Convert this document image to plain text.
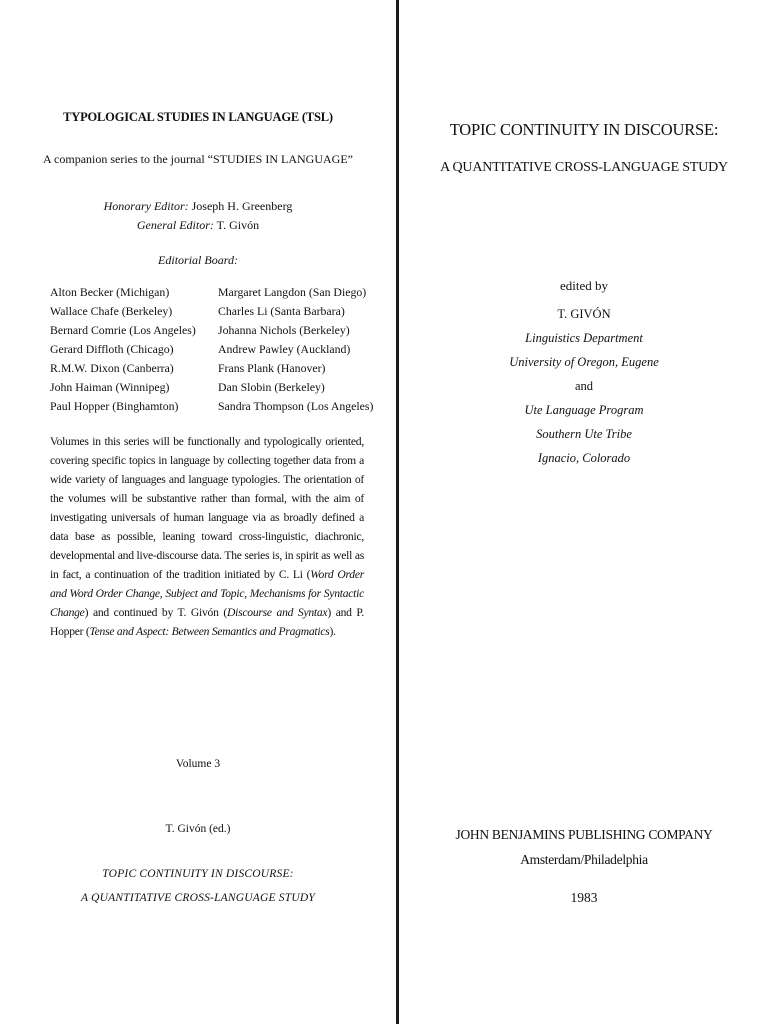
TYPOLOGICAL STUDIES IN LANGUAGE (TSL)
A companion series to the journal “STUDIES IN LANGUAGE”
Honorary Editor: Joseph H. Greenberg
General Editor: T. Givón
Editorial Board:
Alton Becker (Michigan)
Wallace Chafe (Berkeley)
Bernard Comrie (Los Angeles)
Gerard Diffloth (Chicago)
R.M.W. Dixon (Canberra)
John Haiman (Winnipeg)
Paul Hopper (Binghamton)
Margaret Langdon (San Diego)
Charles Li (Santa Barbara)
Johanna Nichols (Berkeley)
Andrew Pawley (Auckland)
Frans Plank (Hanover)
Dan Slobin (Berkeley)
Sandra Thompson (Los Angeles)
Volumes in this series will be functionally and typologically oriented, covering specific topics in language by collecting together data from a wide variety of languages and language typologies. The orientation of the volumes will be substantive rather than formal, with the aim of investigating universals of human language via as broadly defined a data base as possible, leaning toward cross-linguistic, diachronic, developmental and live-discourse data. The series is, in spirit as well as in fact, a continuation of the tradition initiated by C. Li (Word Order and Word Order Change, Subject and Topic, Mechanisms for Syntactic Change) and continued by T. Givón (Discourse and Syntax) and P. Hopper (Tense and Aspect: Between Semantics and Pragmatics).
Volume 3
T. Givón (ed.)
TOPIC CONTINUITY IN DISCOURSE:
A QUANTITATIVE CROSS-LANGUAGE STUDY
TOPIC CONTINUITY IN DISCOURSE:
A QUANTITATIVE CROSS-LANGUAGE STUDY
edited by
T. GIVÓN
Linguistics Department
University of Oregon, Eugene
and
Ute Language Program
Southern Ute Tribe
Ignacio, Colorado
JOHN BENJAMINS PUBLISHING COMPANY
Amsterdam/Philadelphia
1983
